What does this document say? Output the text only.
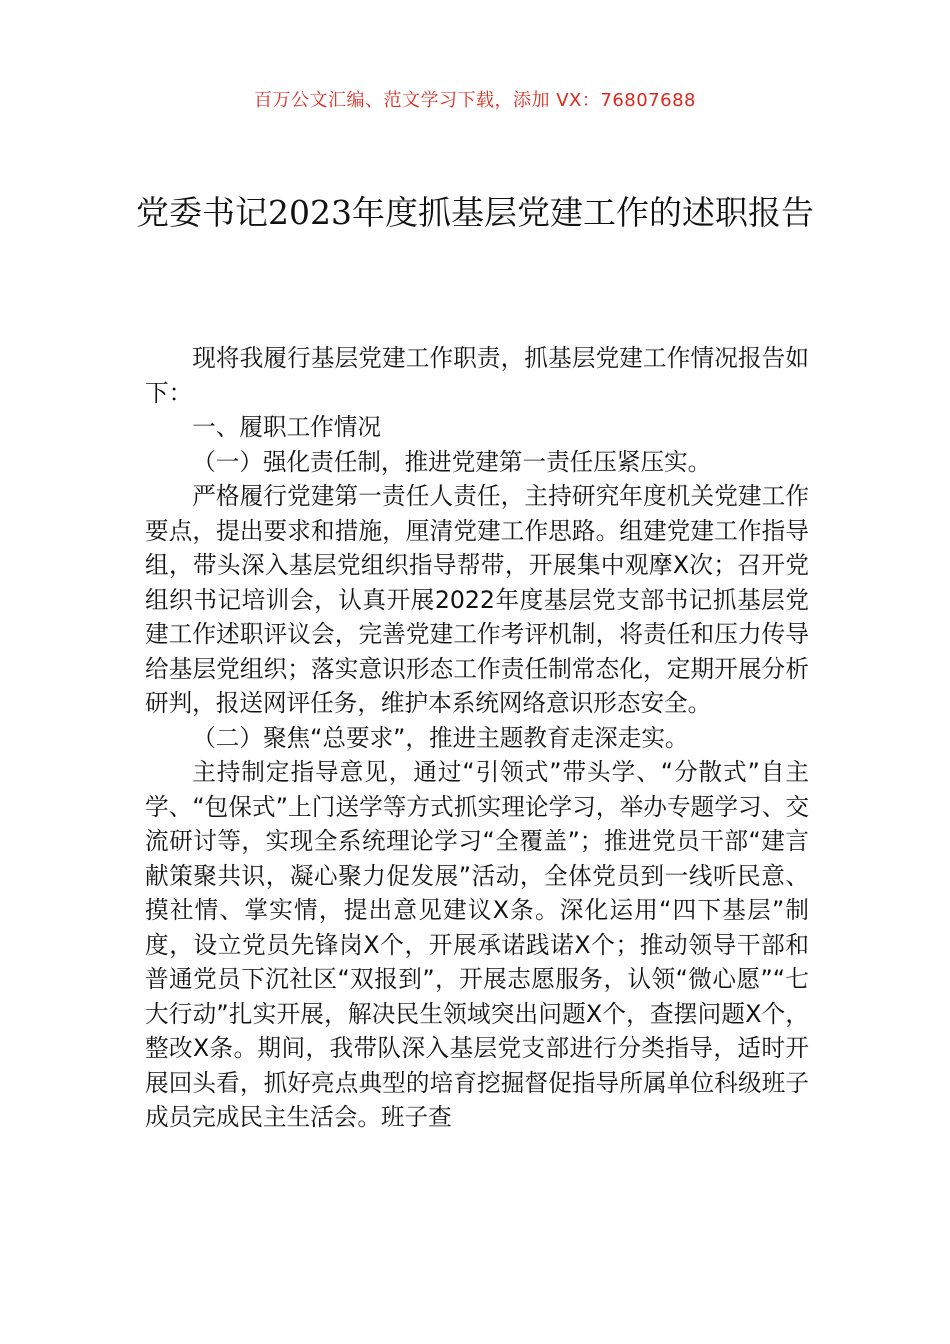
百万公文汇编、范文学习下载，添加 VX：76807688
党委书记2023年度抓基层党建工作的述职报告

现将我履行基层党建工作职责，抓基层党建工作情况报告如下：

一、履职工作情况

（一）强化责任制，推进党建第一责任压紧压实。

严格履行党建第一责任人责任，主持研究年度机关党建工作要点，提出要求和措施，厘清党建工作思路。组建党建工作指导组，带头深入基层党组织指导帮带，开展集中观摩X次；召开党组织书记培训会，认真开展2022年度基层党支部书记抓基层党建工作述职评议会，完善党建工作考评机制，将责任和压力传导给基层党组织；落实意识形态工作责任制常态化，定期开展分析研判，报送网评任务，维护本系统网络意识形态安全。

（二）聚焦“总要求”，推进主题教育走深走实。

主持制定指导意见，通过“引领式”带头学、“分散式”自主学、“包保式”上门送学等方式抓实理论学习，举办专题学习、交流研讨等，实现全系统理论学习“全覆盖”；推进党员干部“建言献策聚共识，凝心聚力促发展”活动，全体党员到一线听民意、摸社情、掌实情，提出意见建议X条。深化运用“四下基层”制度，设立党员先锋岗X个，开展承诺践诺X个；推动领导干部和普通党员下沉社区“双报到”，开展志愿服务，认领“微心愿”“七大行动”扎实开展，解决民生领域突出问题X个，查摆问题X个，整改X条。期间，我带队深入基层党支部进行分类指导，适时开展回头看，抓好亮点典型的培育挖掘督促指导所属单位科级班子成员完成民主生活会。班子查
